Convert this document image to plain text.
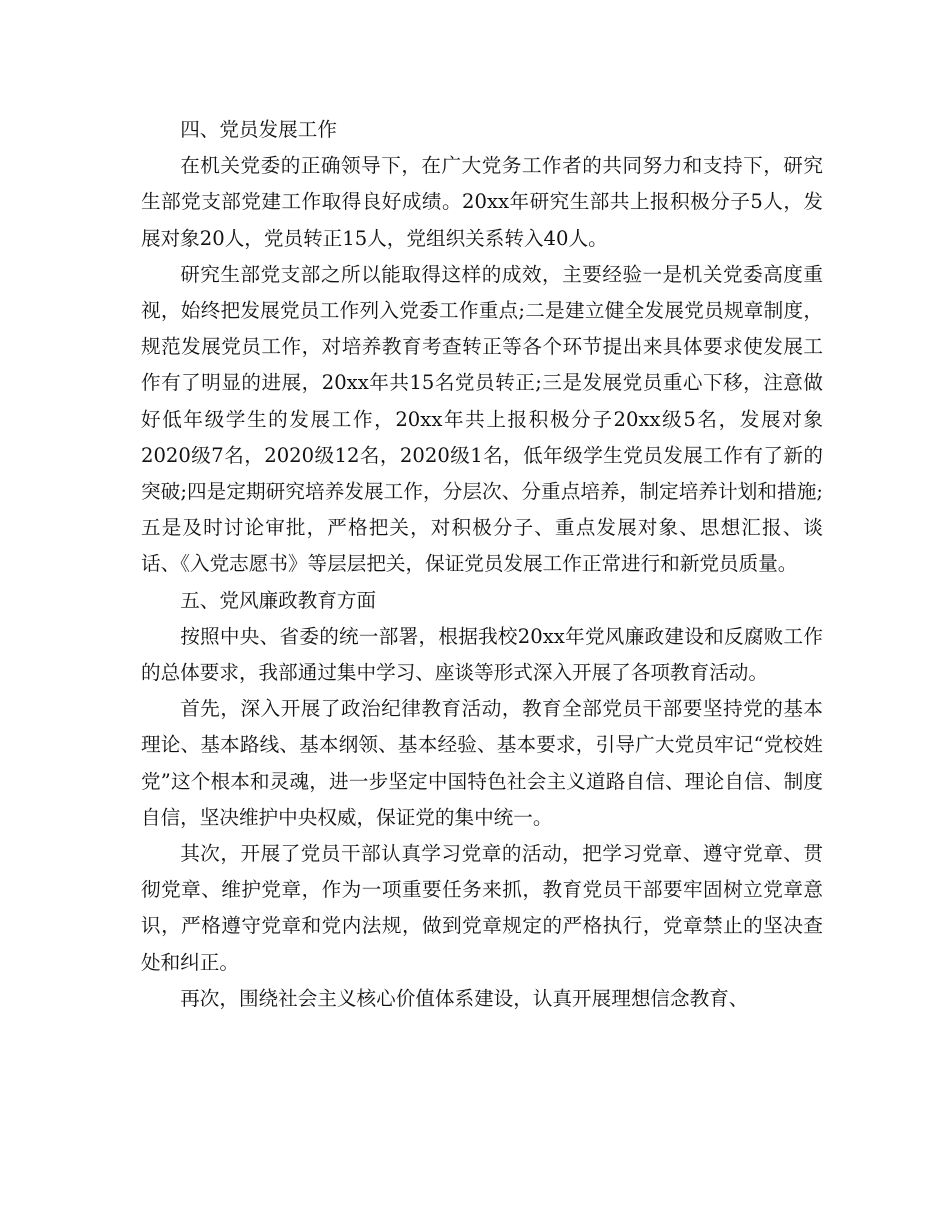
四、党员发展工作

在机关党委的正确领导下，在广大党务工作者的共同努力和支持下，研究生部党支部党建工作取得良好成绩。20xx年研究生部共上报积极分子5人，发展对象20人，党员转正15人，党组织关系转入40人。

研究生部党支部之所以能取得这样的成效，主要经验一是机关党委高度重视，始终把发展党员工作列入党委工作重点;二是建立健全发展党员规章制度，规范发展党员工作，对培养教育考查转正等各个环节提出来具体要求使发展工作有了明显的进展，20xx年共15名党员转正;三是发展党员重心下移，注意做好低年级学生的发展工作，20xx年共上报积极分子20xx级5名，发展对象2020级7名，2020级12名，2020级1名，低年级学生党员发展工作有了新的突破;四是定期研究培养发展工作，分层次、分重点培养，制定培养计划和措施;五是及时讨论审批，严格把关，对积极分子、重点发展对象、思想汇报、谈话、《入党志愿书》等层层把关，保证党员发展工作正常进行和新党员质量。

五、党风廉政教育方面

按照中央、省委的统一部署，根据我校20xx年党风廉政建设和反腐败工作的总体要求，我部通过集中学习、座谈等形式深入开展了各项教育活动。

首先，深入开展了政治纪律教育活动，教育全部党员干部要坚持党的基本理论、基本路线、基本纲领、基本经验、基本要求，引导广大党员牢记“党校姓党”这个根本和灵魂，进一步坚定中国特色社会主义道路自信、理论自信、制度自信，坚决维护中央权威，保证党的集中统一。

其次，开展了党员干部认真学习党章的活动，把学习党章、遵守党章、贯彻党章、维护党章，作为一项重要任务来抓，教育党员干部要牢固树立党章意识，严格遵守党章和党内法规，做到党章规定的严格执行，党章禁止的坚决查处和纠正。

再次，围绕社会主义核心价值体系建设，认真开展理想信念教育、
